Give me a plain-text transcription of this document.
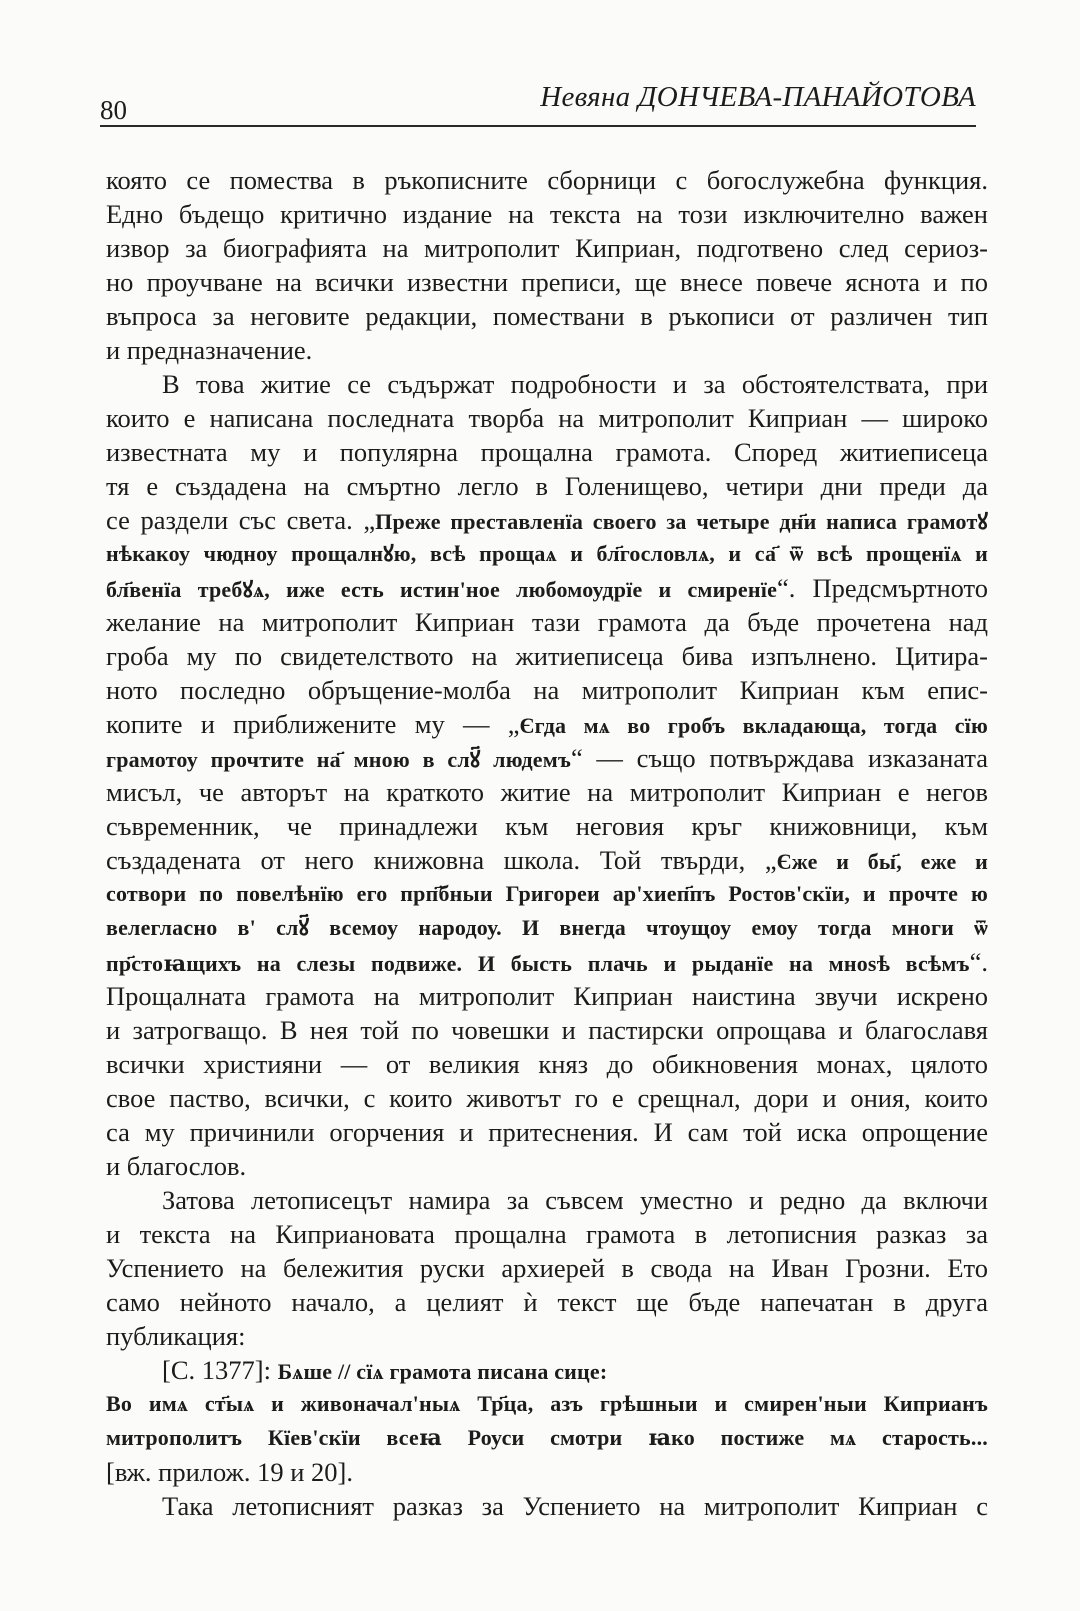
80	Невяна ДОНЧЕВА-ПАНАЙОТОВА
която се помества в ръкописните сборници с богослужебна функция.
Едно бъдещо критично издание на текста на този изключително важен
извор за биографията на митрополит Киприан, подготвено след сериоз-
но проучване на всички известни преписи, ще внесе повече яснота и по
въпроса за неговите редакции, помествани в ръкописи от различен тип
и предназначение.
В това житие се съдържат подробности и за обстоятелствата, при
които е написана последната творба на митрополит Киприан — широко
известната му и популярна прощална грамота. Според житиеписеца
тя е създадена на смъртно легло в Голенищево, четири дни преди да
се раздели със света. „Преже преставленїа своего за четыре дн҃и написа грамотꙋ
нѣкакоу чюдноу прощалнꙋю, всѣ прощаѧ и бл҃гословлѧ, и са҃ ѿ всѣ прощенїѧ и
бл҃венїа требꙋѧ, иже есть истин'ное любомоудрїе и смиренїе“. Предсмъртното
желание на митрополит Киприан тази грамота да бъде прочетена над
гроба му по свидетелството на житиеписеца бива изпълнено. Цитира-
ното последно обръщение-молба на митрополит Киприан към епис-
копите и приближените му — „Єгда мѧ во гробъ вкладающа, тогда сїю
грамотоу прочтите на҃ мною в слꙋ҃ людемъ“ — също потвърждава изказаната
мисъл, че авторът на краткото житие на митрополит Киприан е негов
съвременник, че принадлежи към неговия кръг книжовници, към
създадената от него книжовна школа. Той твърди, „Єже и бы҃, еже и
сотвори по повелѣнїю его прп҃бныи Григореи ар'хиеп҃пъ Ростов'скїи, и прочте ю
велегласно в' слꙋ҃ всемоу народоу. И внегда чтоущоу емоу тогда многи ѿ
пр҃стоꙗщихъ на слезы подвиже. И бысть плачь и рыданїе на мноѕѣ всѣмъ“.
Прощалната грамота на митрополит Киприан наистина звучи искрено
и затрогващо. В нея той по човешки и пастирски опрощава и благославя
всички християни — от великия княз до обикновения монах, цялото
свое паство, всички, с които животът го е срещнал, дори и ония, които
са му причинили огорчения и притеснения. И сам той иска опрощение
и благослов.
Затова летописецът намира за съвсем уместно и редно да включи
и текста на Киприановата прощална грамота в летописния разказ за
Успението на бележития руски архиерей в свода на Иван Грозни. Ето
само нейното начало, а целият ѝ текст ще бъде напечатан в друга
публикация:
[С. 1377]: Бѧше // сїѧ грамота писана сице:
Во имѧ ст҃ыѧ и живоначал'ныѧ Тр҃ца, азъ грѣшныи и смирен'ныи Киприанъ
митрополитъ Кїев'скїи всеꙗ Роуси смотри ꙗко постиже мѧ старость...
[вж. прилож. 19 и 20].
Така летописният разказ за Успението на митрополит Киприан с
